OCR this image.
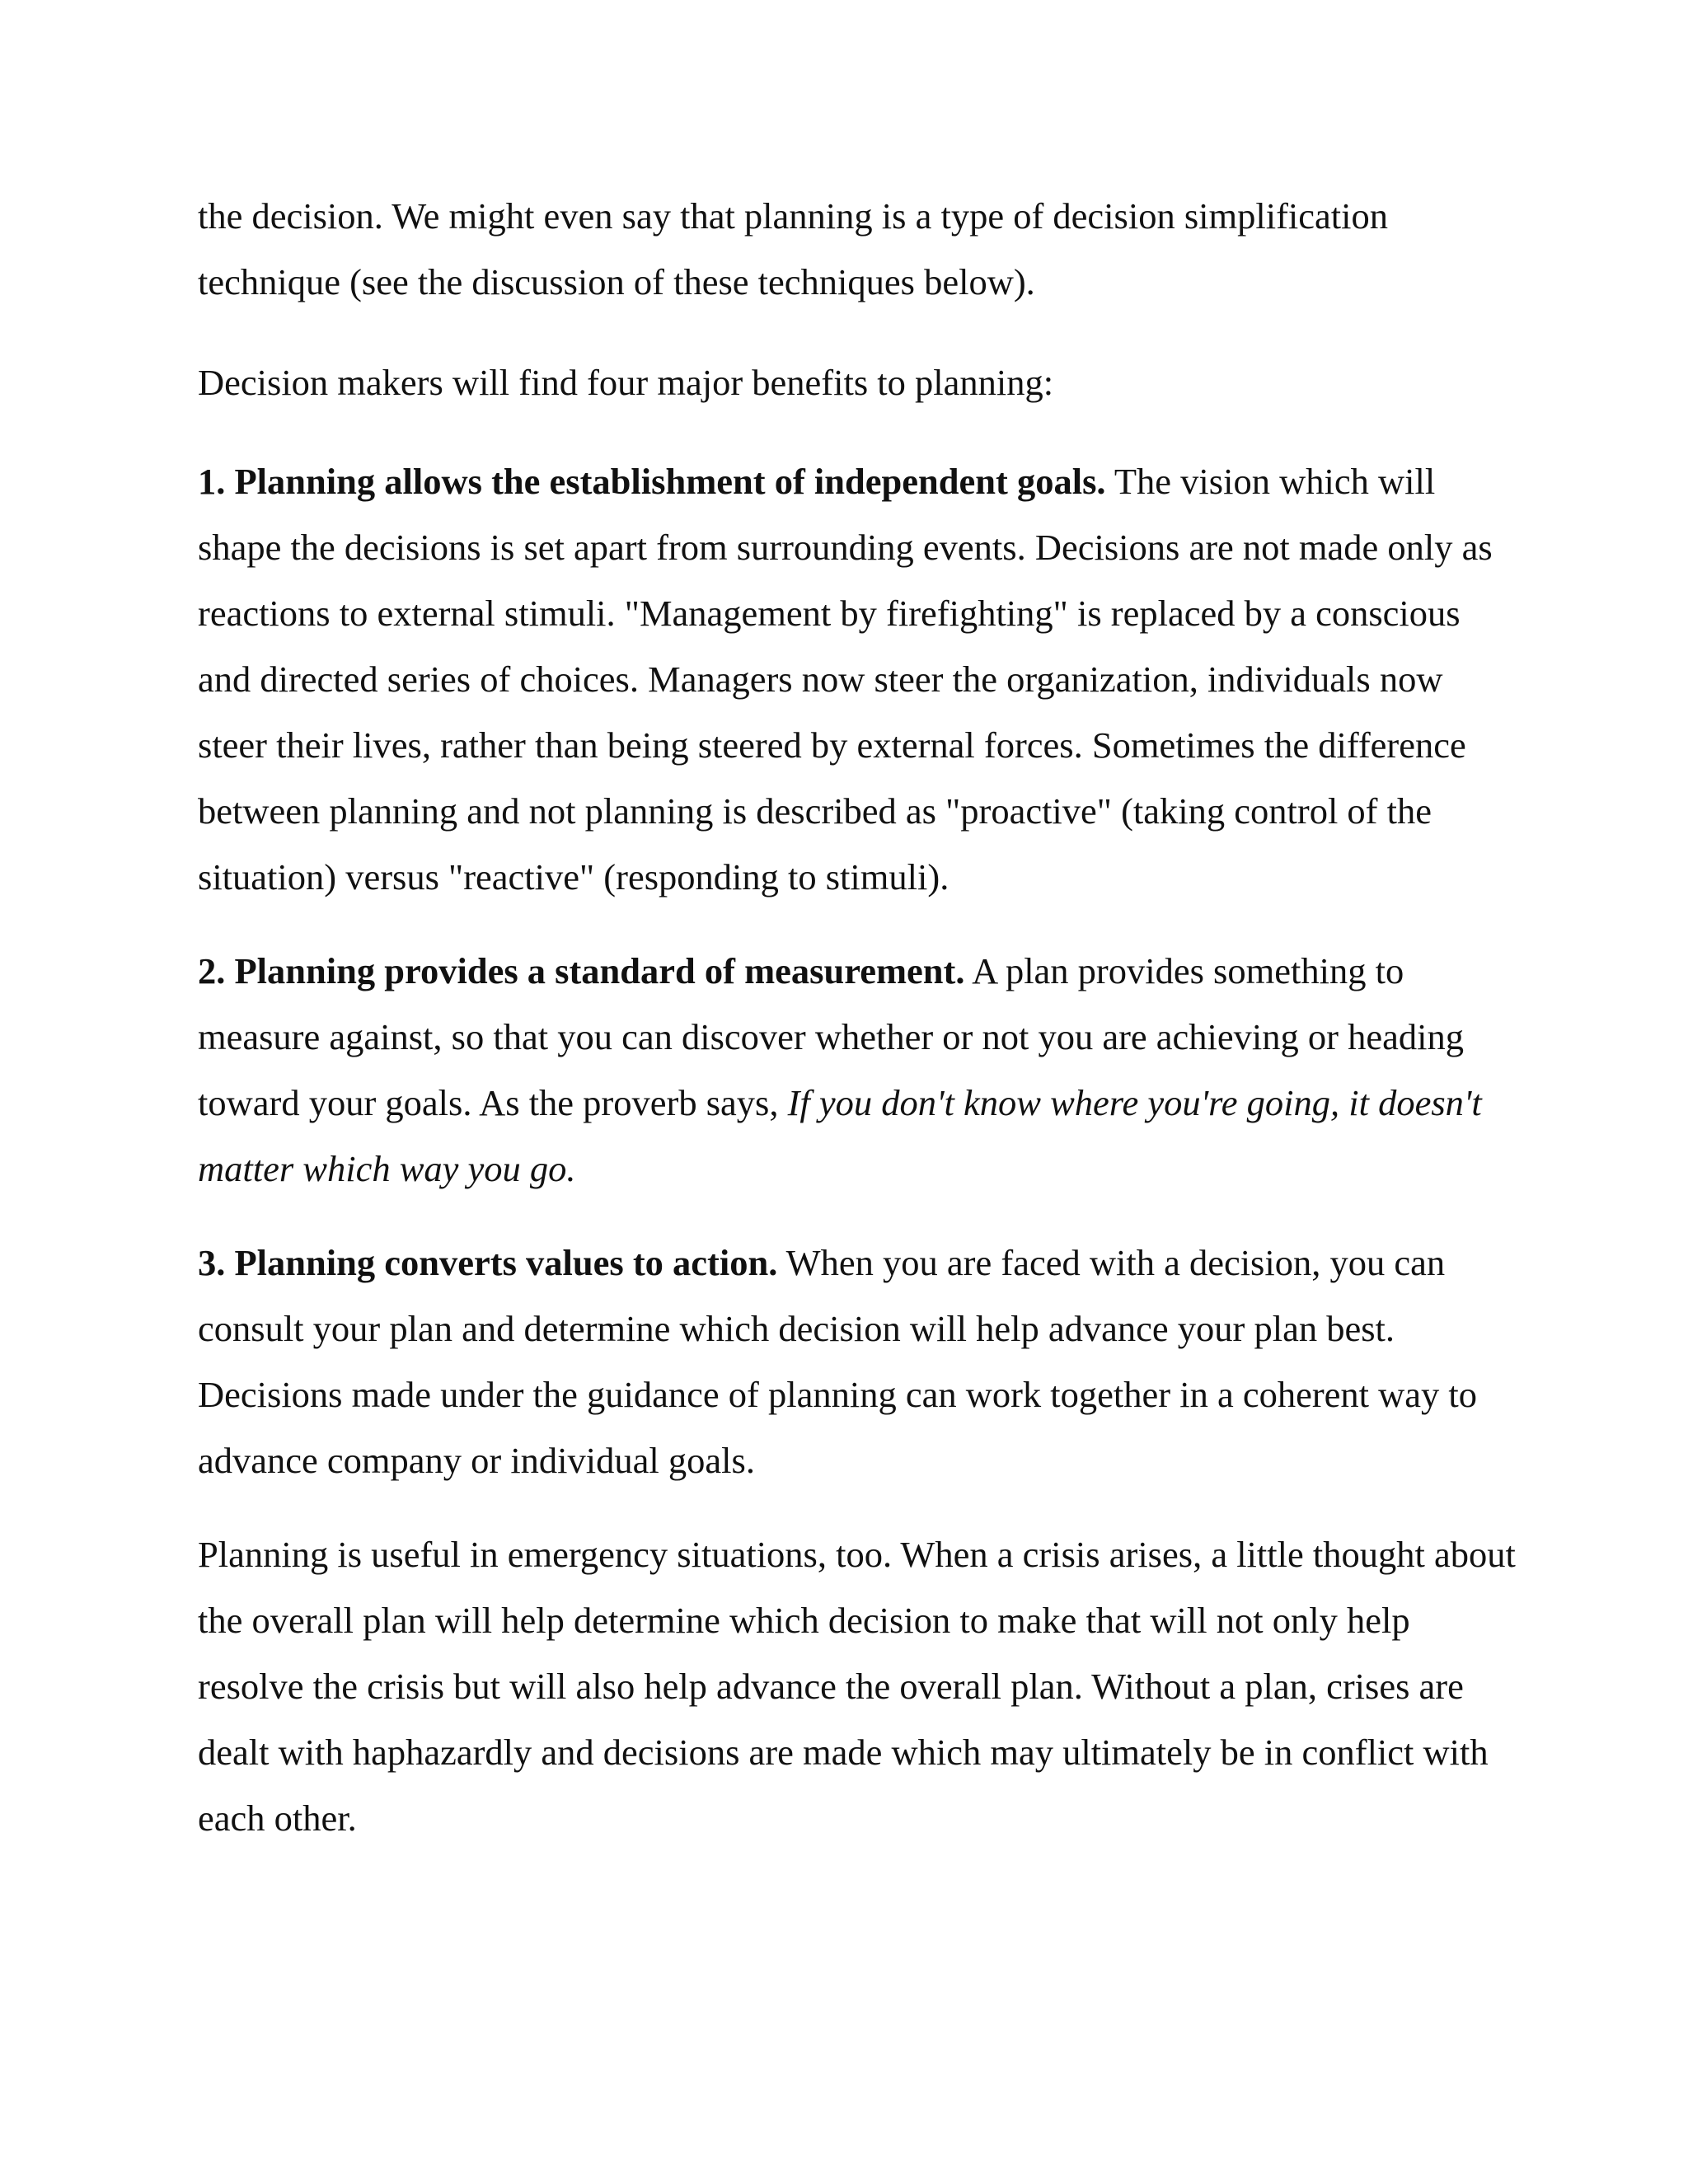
the decision. We might even say that planning is a type of decision simplification technique (see the discussion of these techniques below).

Decision makers will find four major benefits to planning:

1. Planning allows the establishment of independent goals. The vision which will shape the decisions is set apart from surrounding events. Decisions are not made only as reactions to external stimuli. "Management by firefighting" is replaced by a conscious and directed series of choices. Managers now steer the organization, individuals now steer their lives, rather than being steered by external forces. Sometimes the difference between planning and not planning is described as "proactive" (taking control of the situation) versus "reactive" (responding to stimuli).

2. Planning provides a standard of measurement. A plan provides something to measure against, so that you can discover whether or not you are achieving or heading toward your goals. As the proverb says, If you don't know where you're going, it doesn't matter which way you go.

3. Planning converts values to action. When you are faced with a decision, you can consult your plan and determine which decision will help advance your plan best. Decisions made under the guidance of planning can work together in a coherent way to advance company or individual goals.

Planning is useful in emergency situations, too. When a crisis arises, a little thought about the overall plan will help determine which decision to make that will not only help resolve the crisis but will also help advance the overall plan. Without a plan, crises are dealt with haphazardly and decisions are made which may ultimately be in conflict with each other.
